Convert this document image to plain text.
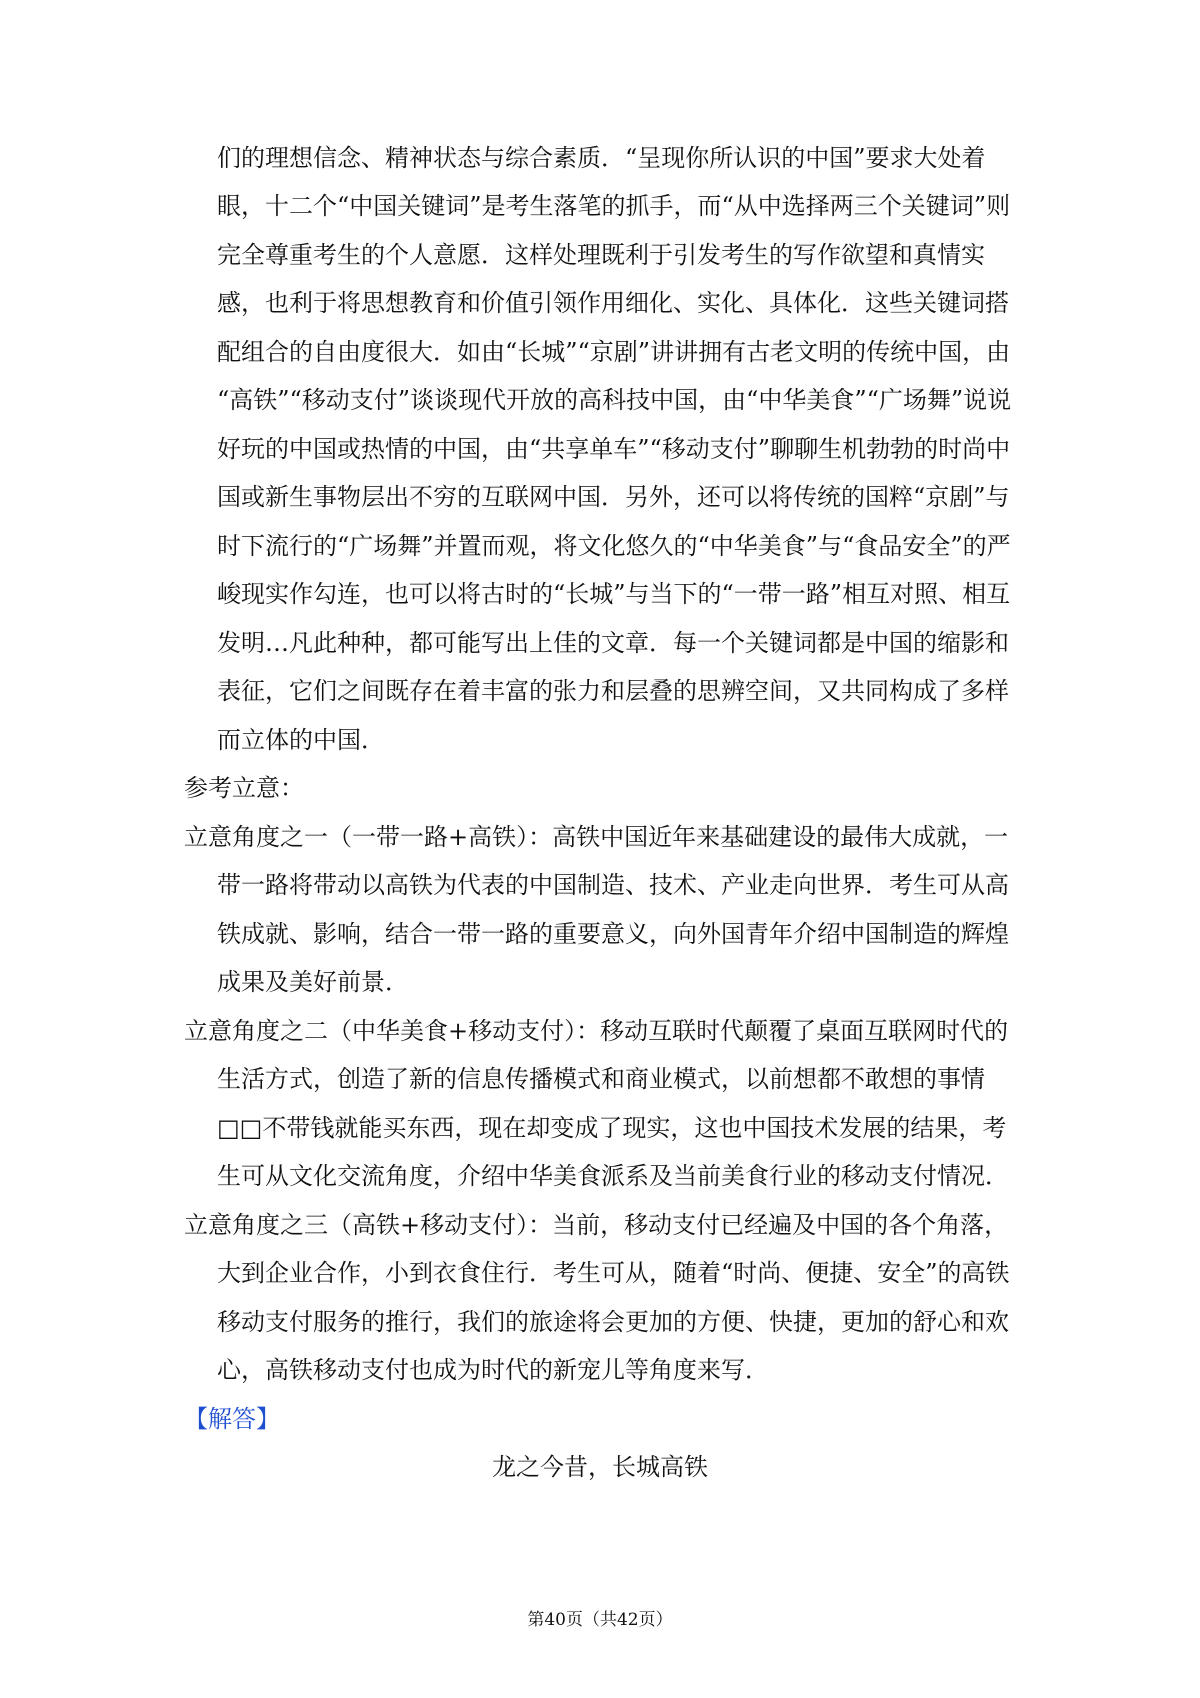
们的理想信念、精神状态与综合素质．“呈现你所认识的中国”要求大处着
眼，十二个“中国关键词”是考生落笔的抓手，而“从中选择两三个关键词”则
完全尊重考生的个人意愿．这样处理既利于引发考生的写作欲望和真情实
感，也利于将思想教育和价值引领作用细化、实化、具体化．这些关键词搭
配组合的自由度很大．如由“长城”“京剧”讲讲拥有古老文明的传统中国，由
“高铁”“移动支付”谈谈现代开放的高科技中国，由“中华美食”“广场舞”说说
好玩的中国或热情的中国，由“共享单车”“移动支付”聊聊生机勃勃的时尚中
国或新生事物层出不穷的互联网中国．另外，还可以将传统的国粹“京剧”与
时下流行的“广场舞”并置而观，将文化悠久的“中华美食”与“食品安全”的严
峻现实作勾连，也可以将古时的“长城”与当下的“一带一路”相互对照、相互
发明…凡此种种，都可能写出上佳的文章．每一个关键词都是中国的缩影和
表征，它们之间既存在着丰富的张力和层叠的思辨空间，又共同构成了多样
而立体的中国．
参考立意：
立意角度之一（一带一路+高铁）：高铁中国近年来基础建设的最伟大成就，一
带一路将带动以高铁为代表的中国制造、技术、产业走向世界．考生可从高
铁成就、影响，结合一带一路的重要意义，向外国青年介绍中国制造的辉煌
成果及美好前景．
立意角度之二（中华美食+移动支付）：移动互联时代颠覆了桌面互联网时代的
生活方式，创造了新的信息传播模式和商业模式，以前想都不敢想的事情
□□不带钱就能买东西，现在却变成了现实，这也中国技术发展的结果，考
生可从文化交流角度，介绍中华美食派系及当前美食行业的移动支付情况．
立意角度之三（高铁+移动支付）：当前，移动支付已经遍及中国的各个角落，
大到企业合作，小到衣食住行．考生可从，随着“时尚、便捷、安全”的高铁
移动支付服务的推行，我们的旅途将会更加的方便、快捷，更加的舒心和欢
心，高铁移动支付也成为时代的新宠儿等角度来写．
【解答】
龙之今昔，长城高铁
第40页（共42页）
